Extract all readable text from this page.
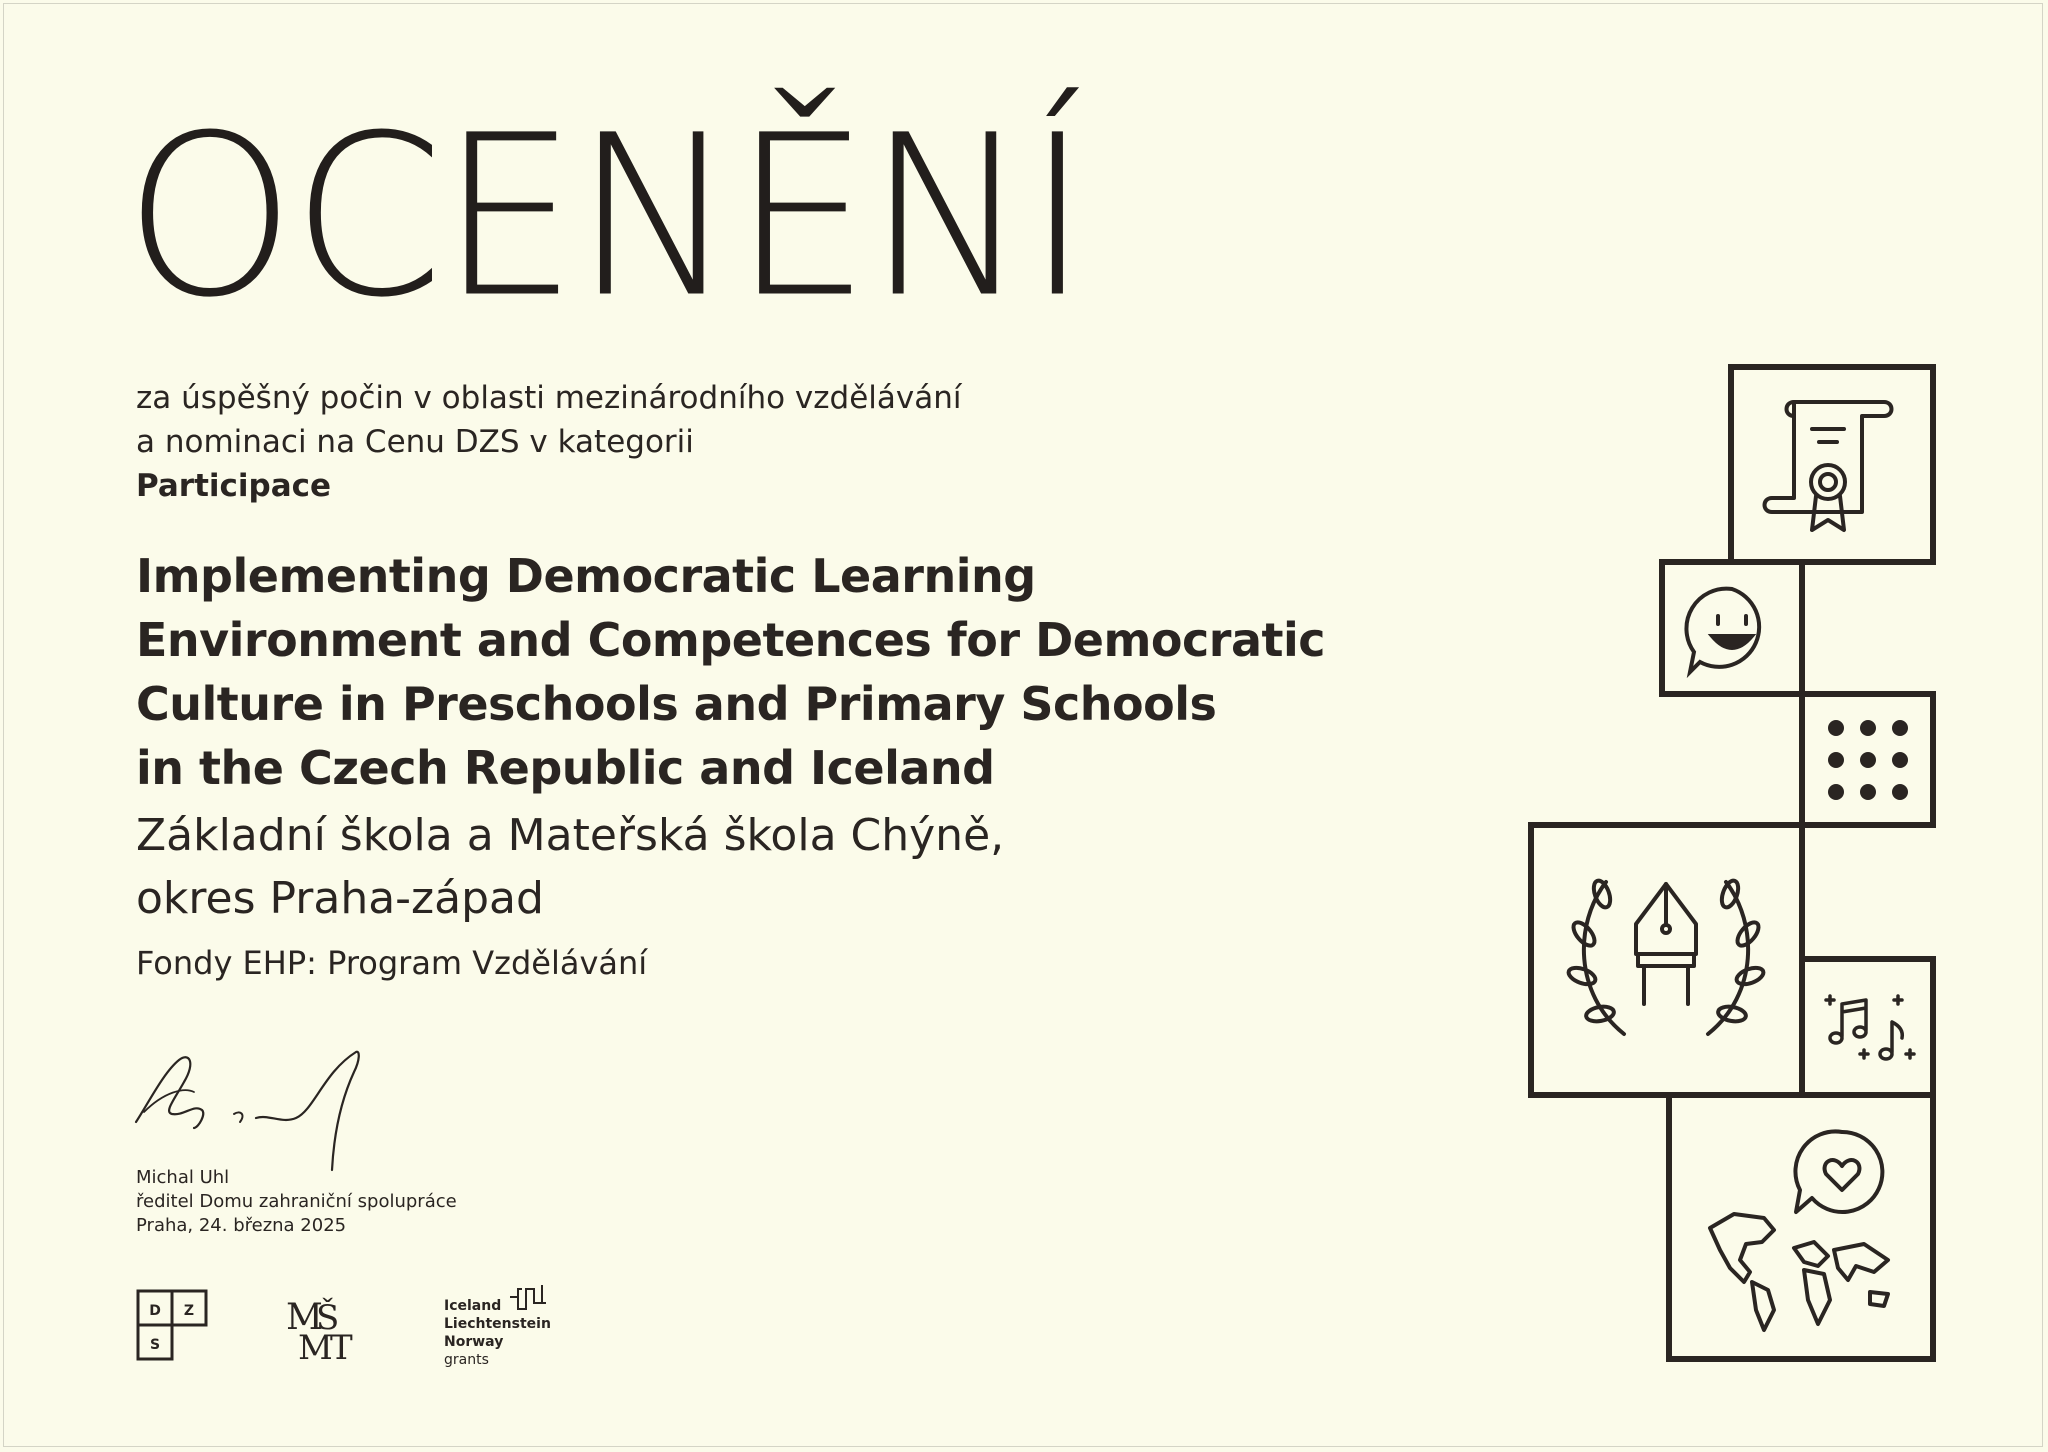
OCENĚNÍ
za úspěšný počin v oblasti mezinárodního vzdělávání
a nominaci na Cenu DZS v kategorii
Participace
Implementing Democratic Learning
Environment and Competences for Democratic
Culture in Preschools and Primary Schools
in the Czech Republic and Iceland
Základní škola a Mateřská škola Chýně,
okres Praha-západ
Fondy EHP: Program Vzdělávání
Michal Uhl
ředitel Domu zahraniční spolupráce
Praha, 24. března 2025
D Z
S
M
Š
M
T
Iceland
Liechtenstein
Norway grants
